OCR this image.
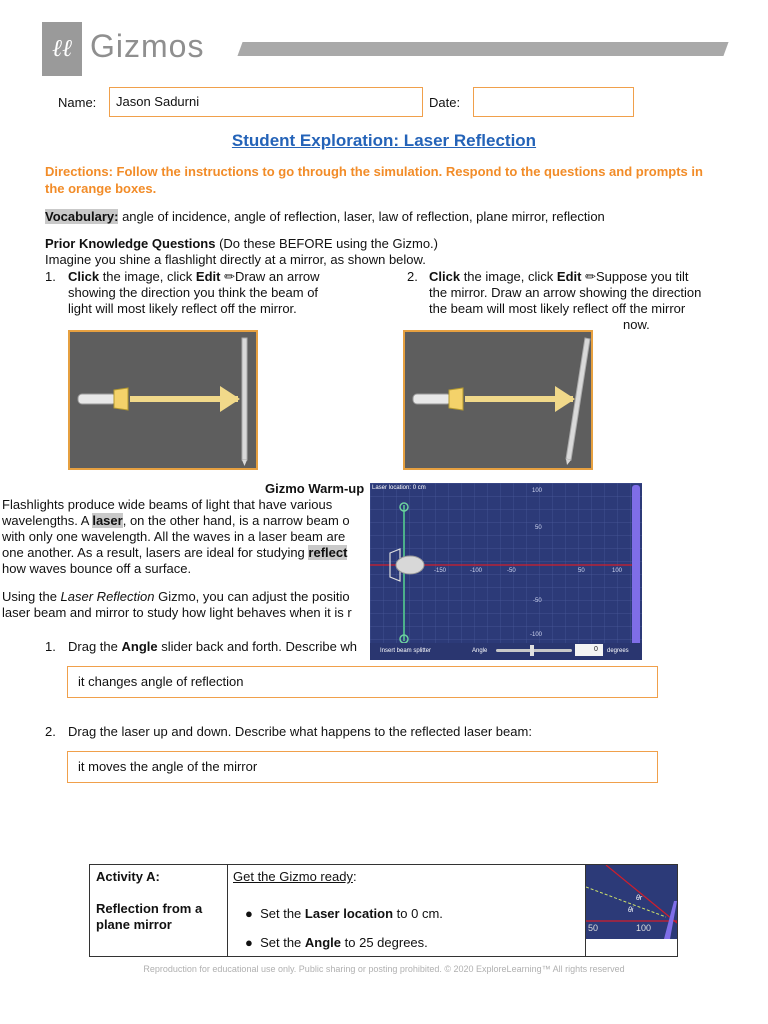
ℓℓ Gizmos
Name:	Jason Sadurni	Date:
Student Exploration: Laser Reflection
Directions: Follow the instructions to go through the simulation. Respond to the questions and prompts in the orange boxes.
Vocabulary: angle of incidence, angle of reflection, laser, law of reflection, plane mirror, reflection
Prior Knowledge Questions (Do these BEFORE using the Gizmo.)
Imagine you shine a flashlight directly at a mirror, as shown below.
1. Click the image, click Edit ✏Draw an arrow
showing the direction you think the beam of
light will most likely reflect off the mirror.
2. Click the image, click Edit ✏Suppose you tilt
the mirror. Draw an arrow showing the direction
the beam will most likely reflect off the mirror
now.
Gizmo Warm-up
Flashlights produce wide beams of light that have various
wavelengths. A laser, on the other hand, is a narrow beam o
with only one wavelength. All the waves in a laser beam are
one another. As a result, lasers are ideal for studying reflect
how waves bounce off a surface.
Using the Laser Reflection Gizmo, you can adjust the positio
laser beam and mirror to study how light behaves when it is r
1. Drag the Angle slider back and forth. Describe wh
it changes angle of reflection
2. Drag the laser up and down. Describe what happens to the reflected laser beam:
it moves the angle of the mirror
Laser location: 0 cm	100
50
-50
-100
-150	-100	-50	50	100
Insert beam splitter	Angle	0 degrees
Activity A:
Reflection from a plane mirror

Get the Gizmo ready:
● Set the Laser location to 0 cm.
● Set the Angle to 25 degrees.

θr
θi
50	100
Reproduction for educational use only. Public sharing or posting prohibited. © 2020 ExploreLearning™ All rights reserved
